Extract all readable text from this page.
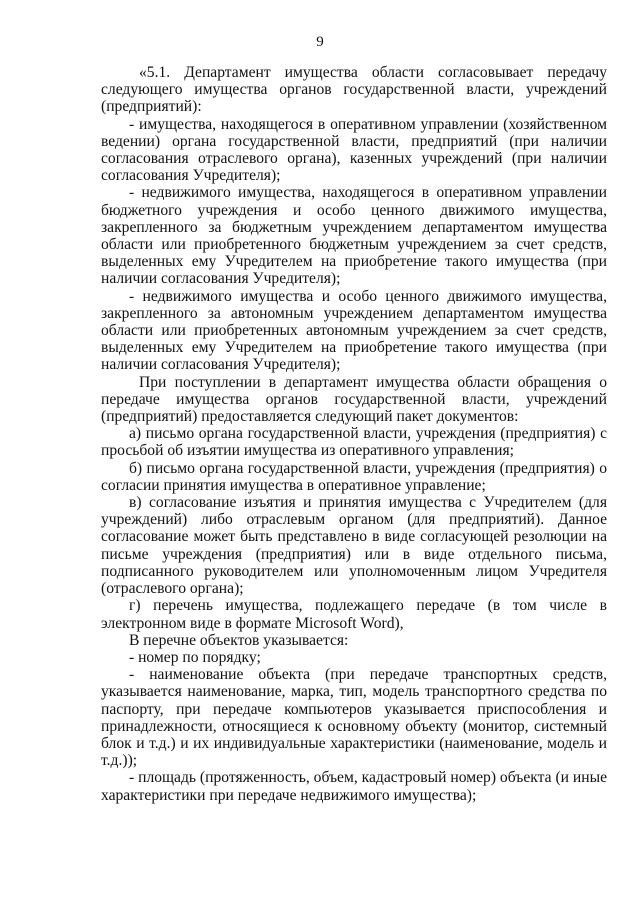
9

«5.1. Департамент имущества области согласовывает передачу следующего имущества органов государственной власти, учреждений (предприятий):

- имущества, находящегося в оперативном управлении (хозяйственном ведении) органа государственной власти, предприятий (при наличии согласования отраслевого органа), казенных учреждений (при наличии согласования Учредителя);

- недвижимого имущества, находящегося в оперативном управлении бюджетного учреждения и особо ценного движимого имущества, закрепленного за бюджетным учреждением департаментом имущества области или приобретенного бюджетным учреждением за счет средств, выделенных ему Учредителем на приобретение такого имущества (при наличии согласования Учредителя);

- недвижимого имущества и особо ценного движимого имущества, закрепленного за автономным учреждением департаментом имущества области или приобретенных автономным учреждением за счет средств, выделенных ему Учредителем на приобретение такого имущества (при наличии согласования Учредителя);

При поступлении в департамент имущества области обращения о передаче имущества органов государственной власти, учреждений (предприятий) предоставляется следующий пакет документов:

а) письмо органа государственной власти, учреждения (предприятия) с просьбой об изъятии имущества из оперативного управления;

б) письмо органа государственной власти, учреждения (предприятия) о согласии принятия имущества в оперативное управление;

в) согласование изъятия и принятия имущества с Учредителем (для учреждений) либо отраслевым органом (для предприятий). Данное согласование может быть представлено в виде согласующей резолюции на письме учреждения (предприятия) или в виде отдельного письма, подписанного руководителем или уполномоченным лицом Учредителя (отраслевого органа);

г) перечень имущества, подлежащего передаче (в том числе в электронном виде в формате Microsoft Word),

В перечне объектов указывается:

- номер по порядку;

- наименование объекта (при передаче транспортных средств, указывается наименование, марка, тип, модель транспортного средства по паспорту, при передаче компьютеров указывается приспособления и принадлежности, относящиеся к основному объекту (монитор, системный блок и т.д.) и их индивидуальные характеристики (наименование, модель и т.д.));

- площадь (протяженность, объем, кадастровый номер) объекта (и иные характеристики при передаче недвижимого имущества);
